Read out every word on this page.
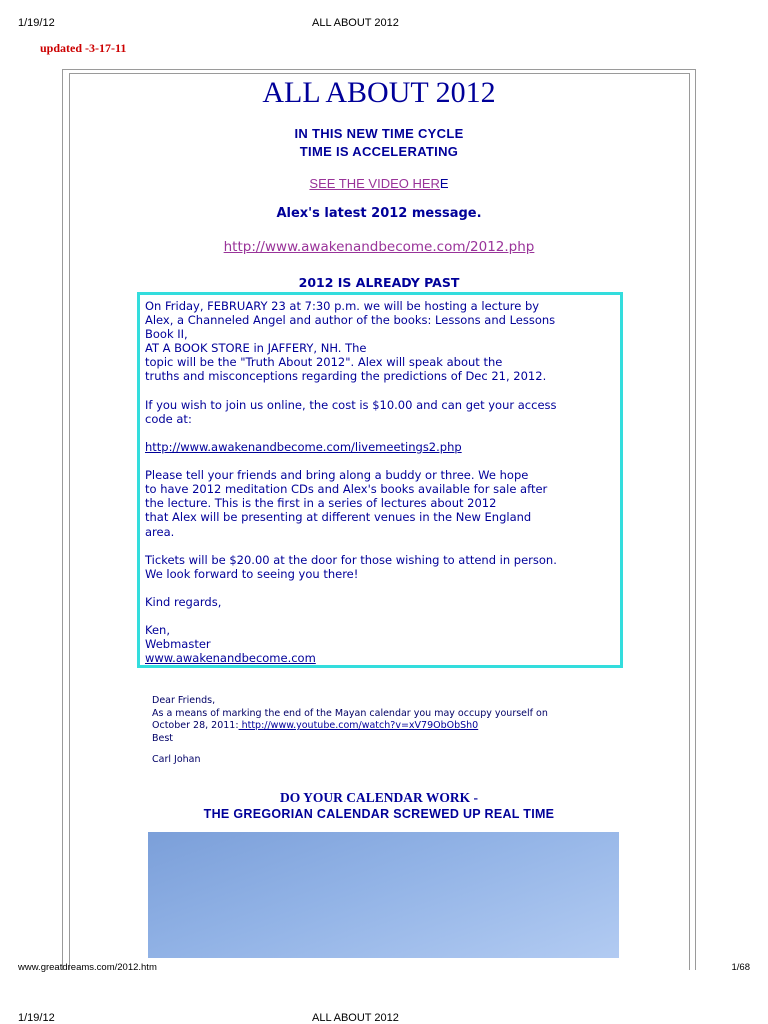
1/19/12	ALL ABOUT 2012
updated -3-17-11
ALL ABOUT 2012
IN THIS NEW TIME CYCLE
TIME IS ACCELERATING
SEE THE VIDEO HERE
Alex's latest 2012 message.
http://www.awakenandbecome.com/2012.php
2012 IS ALREADY PAST

On Friday, FEBRUARY 23 at 7:30 p.m. we will be hosting a lecture by
Alex, a Channeled Angel and author of the books: Lessons and Lessons
Book II,
AT A BOOK STORE in JAFFERY, NH. The
topic will be the "Truth About 2012". Alex will speak about the
truths and misconceptions regarding the predictions of Dec 21, 2012.

If you wish to join us online, the cost is $10.00 and can get your access
code at:

http://www.awakenandbecome.com/livemeetings2.php

Please tell your friends and bring along a buddy or three. We hope
to have 2012 meditation CDs and Alex's books available for sale after
the lecture. This is the first in a series of lectures about 2012
that Alex will be presenting at different venues in the New England
area.

Tickets will be $20.00 at the door for those wishing to attend in person.
We look forward to seeing you there!

Kind regards,

Ken,
Webmaster
www.awakenandbecome.com

Dear Friends,
As a means of marking the end of the Mayan calendar you may occupy yourself on
October 28, 2011: http://www.youtube.com/watch?v=xV79ObObSh0
Best
Carl Johan
DO YOUR CALENDAR WORK -
THE GREGORIAN CALENDAR SCREWED UP REAL TIME
www.greatdreams.com/2012.htm	1/68
1/19/12	ALL ABOUT 2012
